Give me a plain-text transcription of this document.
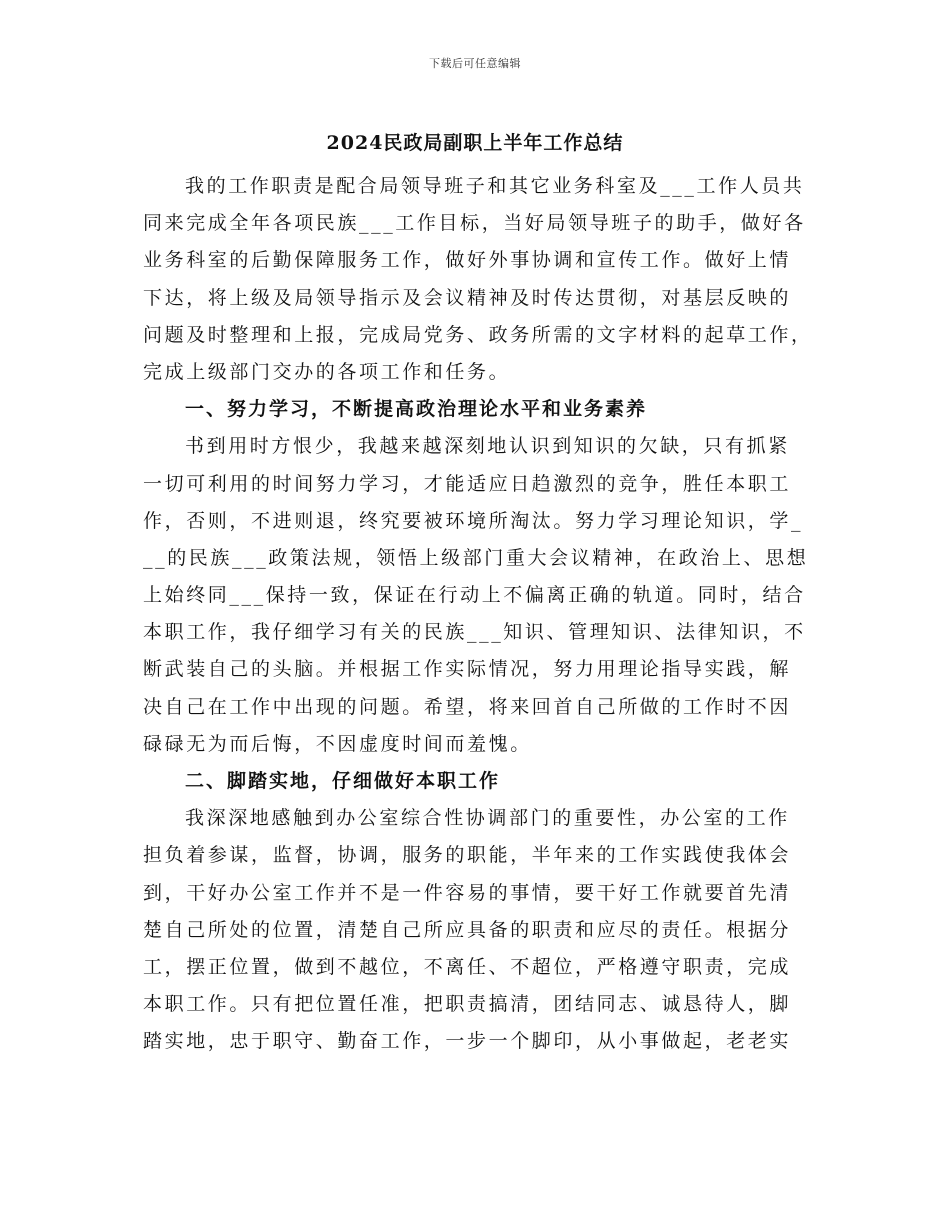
下载后可任意编辑
2024民政局副职上半年工作总结
我的工作职责是配合局领导班子和其它业务科室及___工作人员共
同来完成全年各项民族___工作目标，当好局领导班子的助手，做好各
业务科室的后勤保障服务工作，做好外事协调和宣传工作。做好上情
下达，将上级及局领导指示及会议精神及时传达贯彻，对基层反映的
问题及时整理和上报，完成局党务、政务所需的文字材料的起草工作，
完成上级部门交办的各项工作和任务。
一、努力学习，不断提高政治理论水平和业务素养
书到用时方恨少，我越来越深刻地认识到知识的欠缺，只有抓紧
一切可利用的时间努力学习，才能适应日趋激烈的竞争，胜任本职工
作，否则，不进则退，终究要被环境所淘汰。努力学习理论知识，学_
__的民族___政策法规，领悟上级部门重大会议精神，在政治上、思想
上始终同___保持一致，保证在行动上不偏离正确的轨道。同时，结合
本职工作，我仔细学习有关的民族___知识、管理知识、法律知识，不
断武装自己的头脑。并根据工作实际情况，努力用理论指导实践，解
决自己在工作中出现的问题。希望，将来回首自己所做的工作时不因
碌碌无为而后悔，不因虚度时间而羞愧。
二、脚踏实地，仔细做好本职工作
我深深地感触到办公室综合性协调部门的重要性，办公室的工作
担负着参谋，监督，协调，服务的职能，半年来的工作实践使我体会
到，干好办公室工作并不是一件容易的事情，要干好工作就要首先清
楚自己所处的位置，清楚自己所应具备的职责和应尽的责任。根据分
工，摆正位置，做到不越位，不离任、不超位，严格遵守职责，完成
本职工作。只有把位置任准，把职责搞清，团结同志、诚恳待人，脚
踏实地，忠于职守、勤奋工作，一步一个脚印，从小事做起，老老实
